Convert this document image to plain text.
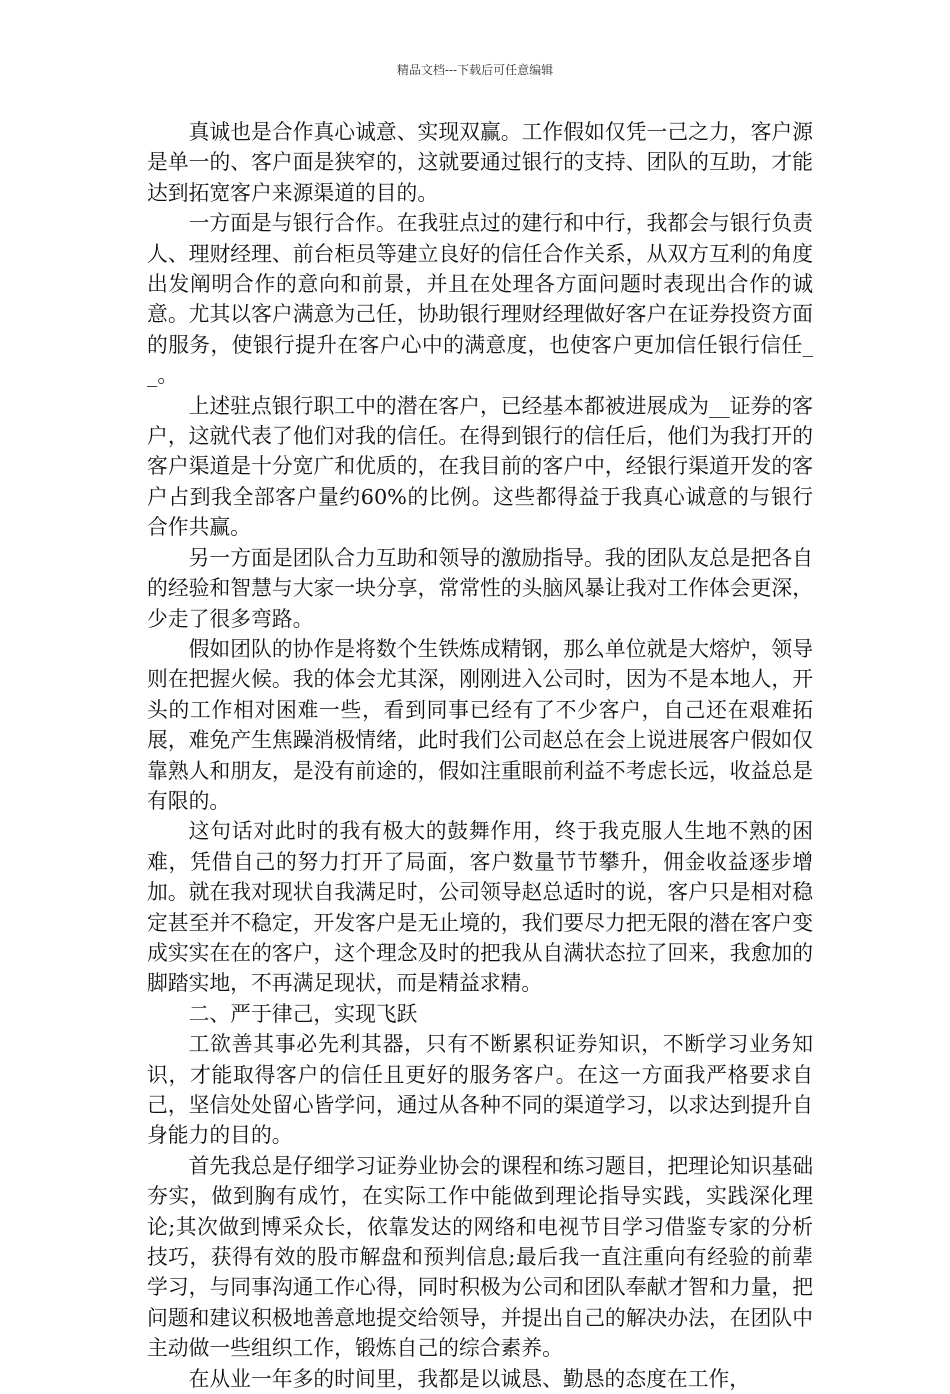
精品文档---下载后可任意编辑

真诚也是合作真心诚意、实现双赢。工作假如仅凭一己之力，客户源是单一的、客户面是狭窄的，这就要通过银行的支持、团队的互助，才能达到拓宽客户来源渠道的目的。

一方面是与银行合作。在我驻点过的建行和中行，我都会与银行负责人、理财经理、前台柜员等建立良好的信任合作关系，从双方互利的角度出发阐明合作的意向和前景，并且在处理各方面问题时表现出合作的诚意。尤其以客户满意为己任，协助银行理财经理做好客户在证券投资方面的服务，使银行提升在客户心中的满意度，也使客户更加信任银行信任__。

上述驻点银行职工中的潜在客户，已经基本都被进展成为__证券的客户，这就代表了他们对我的信任。在得到银行的信任后，他们为我打开的客户渠道是十分宽广和优质的，在我目前的客户中，经银行渠道开发的客户占到我全部客户量约60%的比例。这些都得益于我真心诚意的与银行合作共赢。

另一方面是团队合力互助和领导的激励指导。我的团队友总是把各自的经验和智慧与大家一块分享，常常性的头脑风暴让我对工作体会更深，少走了很多弯路。

假如团队的协作是将数个生铁炼成精钢，那么单位就是大熔炉，领导则在把握火候。我的体会尤其深，刚刚进入公司时，因为不是本地人，开头的工作相对困难一些，看到同事已经有了不少客户，自己还在艰难拓展，难免产生焦躁消极情绪，此时我们公司赵总在会上说进展客户假如仅靠熟人和朋友，是没有前途的，假如注重眼前利益不考虑长远，收益总是有限的。

这句话对此时的我有极大的鼓舞作用，终于我克服人生地不熟的困难，凭借自己的努力打开了局面，客户数量节节攀升，佣金收益逐步增加。就在我对现状自我满足时，公司领导赵总适时的说，客户只是相对稳定甚至并不稳定，开发客户是无止境的，我们要尽力把无限的潜在客户变成实实在在的客户，这个理念及时的把我从自满状态拉了回来，我愈加的脚踏实地，不再满足现状，而是精益求精。

二、严于律己，实现飞跃

工欲善其事必先利其器，只有不断累积证券知识，不断学习业务知识，才能取得客户的信任且更好的服务客户。在这一方面我严格要求自己，坚信处处留心皆学问，通过从各种不同的渠道学习，以求达到提升自身能力的目的。

首先我总是仔细学习证券业协会的课程和练习题目，把理论知识基础夯实，做到胸有成竹，在实际工作中能做到理论指导实践，实践深化理论;其次做到博采众长，依靠发达的网络和电视节目学习借鉴专家的分析技巧，获得有效的股市解盘和预判信息;最后我一直注重向有经验的前辈学习，与同事沟通工作心得，同时积极为公司和团队奉献才智和力量，把问题和建议积极地善意地提交给领导，并提出自己的解决办法，在团队中主动做一些组织工作，锻炼自己的综合素养。

在从业一年多的时间里，我都是以诚恳、勤恳的态度在工作，
